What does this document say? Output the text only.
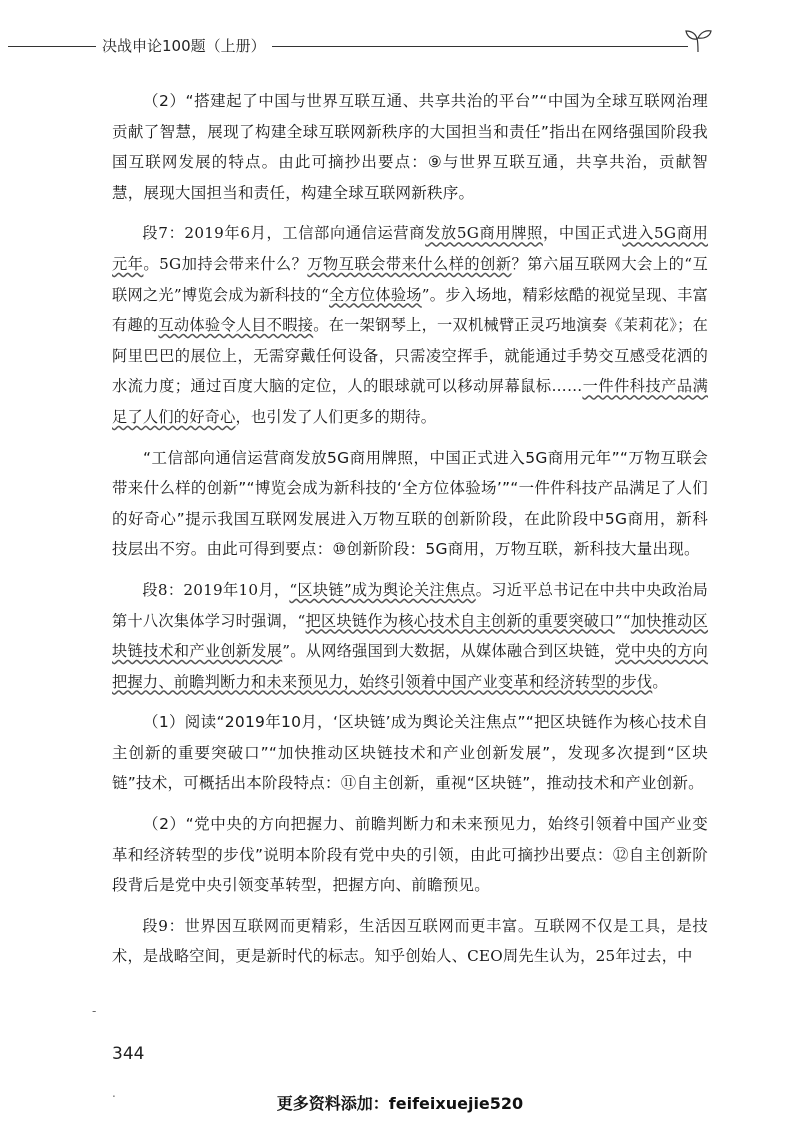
决战申论100题（上册）

（2）“搭建起了中国与世界互联互通、共享共治的平台”“中国为全球互联网治理贡献了智慧，展现了构建全球互联网新秩序的大国担当和责任”指出在网络强国阶段我国互联网发展的特点。由此可摘抄出要点：⑨与世界互联互通，共享共治，贡献智慧，展现大国担当和责任，构建全球互联网新秩序。

段7：2019年6月，工信部向通信运营商发放5G商用牌照，中国正式进入5G商用元年。5G加持会带来什么？万物互联会带来什么样的创新？第六届互联网大会上的“互联网之光”博览会成为新科技的“全方位体验场”。步入场地，精彩炫酷的视觉呈现、丰富有趣的互动体验令人目不暇接。在一架钢琴上，一双机械臂正灵巧地演奏《茉莉花》；在阿里巴巴的展位上，无需穿戴任何设备，只需凌空挥手，就能通过手势交互感受花洒的水流力度；通过百度大脑的定位，人的眼球就可以移动屏幕鼠标……一件件科技产品满足了人们的好奇心，也引发了人们更多的期待。

“工信部向通信运营商发放5G商用牌照，中国正式进入5G商用元年”“万物互联会带来什么样的创新”“博览会成为新科技的‘全方位体验场’”“一件件科技产品满足了人们的好奇心”提示我国互联网发展进入万物互联的创新阶段，在此阶段中5G商用，新科技层出不穷。由此可得到要点：⑩创新阶段：5G商用，万物互联，新科技大量出现。

段8：2019年10月，“区块链”成为舆论关注焦点。习近平总书记在中共中央政治局第十八次集体学习时强调，“把区块链作为核心技术自主创新的重要突破口”“加快推动区块链技术和产业创新发展”。从网络强国到大数据，从媒体融合到区块链，党中央的方向把握力、前瞻判断力和未来预见力，始终引领着中国产业变革和经济转型的步伐。

（1）阅读“2019年10月，‘区块链’成为舆论关注焦点”“把区块链作为核心技术自主创新的重要突破口”“加快推动区块链技术和产业创新发展”，发现多次提到“区块链”技术，可概括出本阶段特点：⑪自主创新，重视“区块链”，推动技术和产业创新。

（2）“党中央的方向把握力、前瞻判断力和未来预见力，始终引领着中国产业变革和经济转型的步伐”说明本阶段有党中央的引领，由此可摘抄出要点：⑫自主创新阶段背后是党中央引领变革转型，把握方向、前瞻预见。

段9：世界因互联网而更精彩，生活因互联网而更丰富。互联网不仅是工具，是技术，是战略空间，更是新时代的标志。知乎创始人、CEO周先生认为，25年过去，中

344
更多资料添加：feifeixuejie520
-
.
